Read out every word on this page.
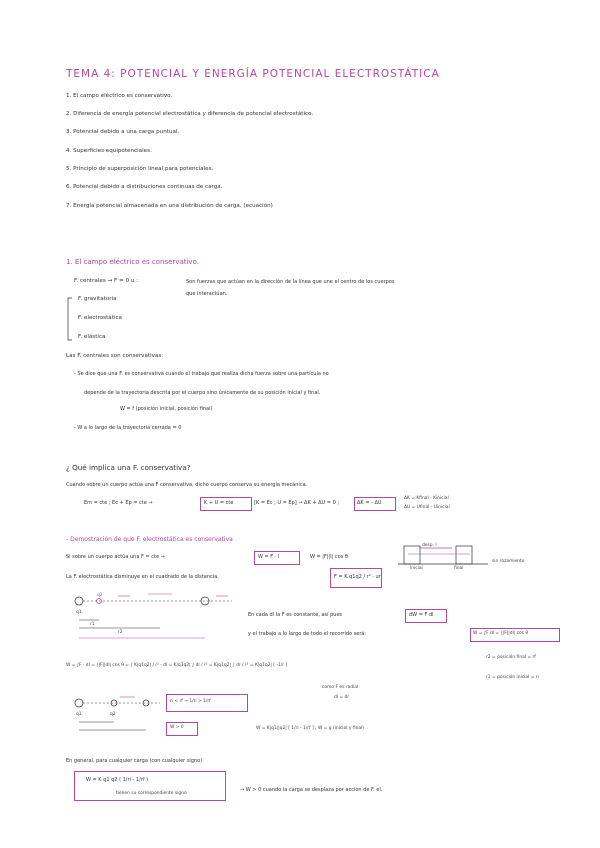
TEMA 4: POTENCIAL Y ENERGÍA POTENCIAL ELECTROSTÁTICA
1. El campo eléctrico es conservativo.
2. Diferencia de energía potencial electrostática y diferencia de potencial electrostático.
3. Potencial debido a una carga puntual.
4. Superficies equipotenciales.
5. Principio de superposición lineal para potenciales.
6. Potencial debido a distribuciones continuas de carga.
7. Energía potencial almacenada en una distribución de carga. (ecuación)
1. El campo eléctrico es conservativo.
F. centrales → F = 0 u :	Son fuerzas que actúan en la dirección de la línea que une el centro de los cuerpos
que interactúan.
F. gravitatoria
F. electrostática
F. elástica
Las F. centrales son conservativas:
- Se dice que una F. es conservativa cuando el trabajo que realiza dicha fuerza sobre una partícula no
depende de la trayectoria descrita por el cuerpo sino únicamente de su posición inicial y final.
W = f (posición inicial, posición final)
- W a lo largo de la trayectoria cerrada = 0
¿ Qué implica una F. conservativa?
Cuando sobre un cuerpo actúa una F conservativa, dicho cuerpo conserva su energía mecánica.
Em = cte ; Ec + Ep = cte →	K + U = cte	[K = Ec ; U = Ep] → ΔK + ΔU = 0 ;	ΔK = - ΔU
ΔK = Kfinal - Kinicial
ΔU = Ufinal - Uinicial
- Demostración de que F. electrostática es conservativa
Si sobre un cuerpo actúa una F = cte →	W = F · l	W = |F||l| cos θ
desp. l
inicial	final
sin rozamiento
La F. electrostática disminuye en el cuadrado de la distancia.	F = K q1q2 / r² · ur
q2
q1
r1
r2
En cada dl la F es constante, así pues	dW = F dl
y el trabajo a lo largo de todo el recorrido será:	W = ∫F dl = ∫|F||dl| cos θ
W = ∫F · dl = ∫|F||dl| cos θ = ∫ K|q1q2| / r² · dl = K|q1q2| ∫ dl / r² = K|q1q2| ∫ dr / r² = K|q1q2| [ -1/r ]
r2 = posición final = rf
r1 = posición inicial = ri
como F es radial
dl = dr
q1	q2
ri < rf → 1/ri > 1/rf
W > 0	W = K|q1||q2| [ 1/ri - 1/rf ] ; W = g (inicial y final)
En general, para cualquier carga (con cualquier signo)
W = K q1 q2 ( 1/ri - 1/rf )
tienen su correspondiente signo
→ W > 0 cuando la carga se desplaza por acción de F. el.
